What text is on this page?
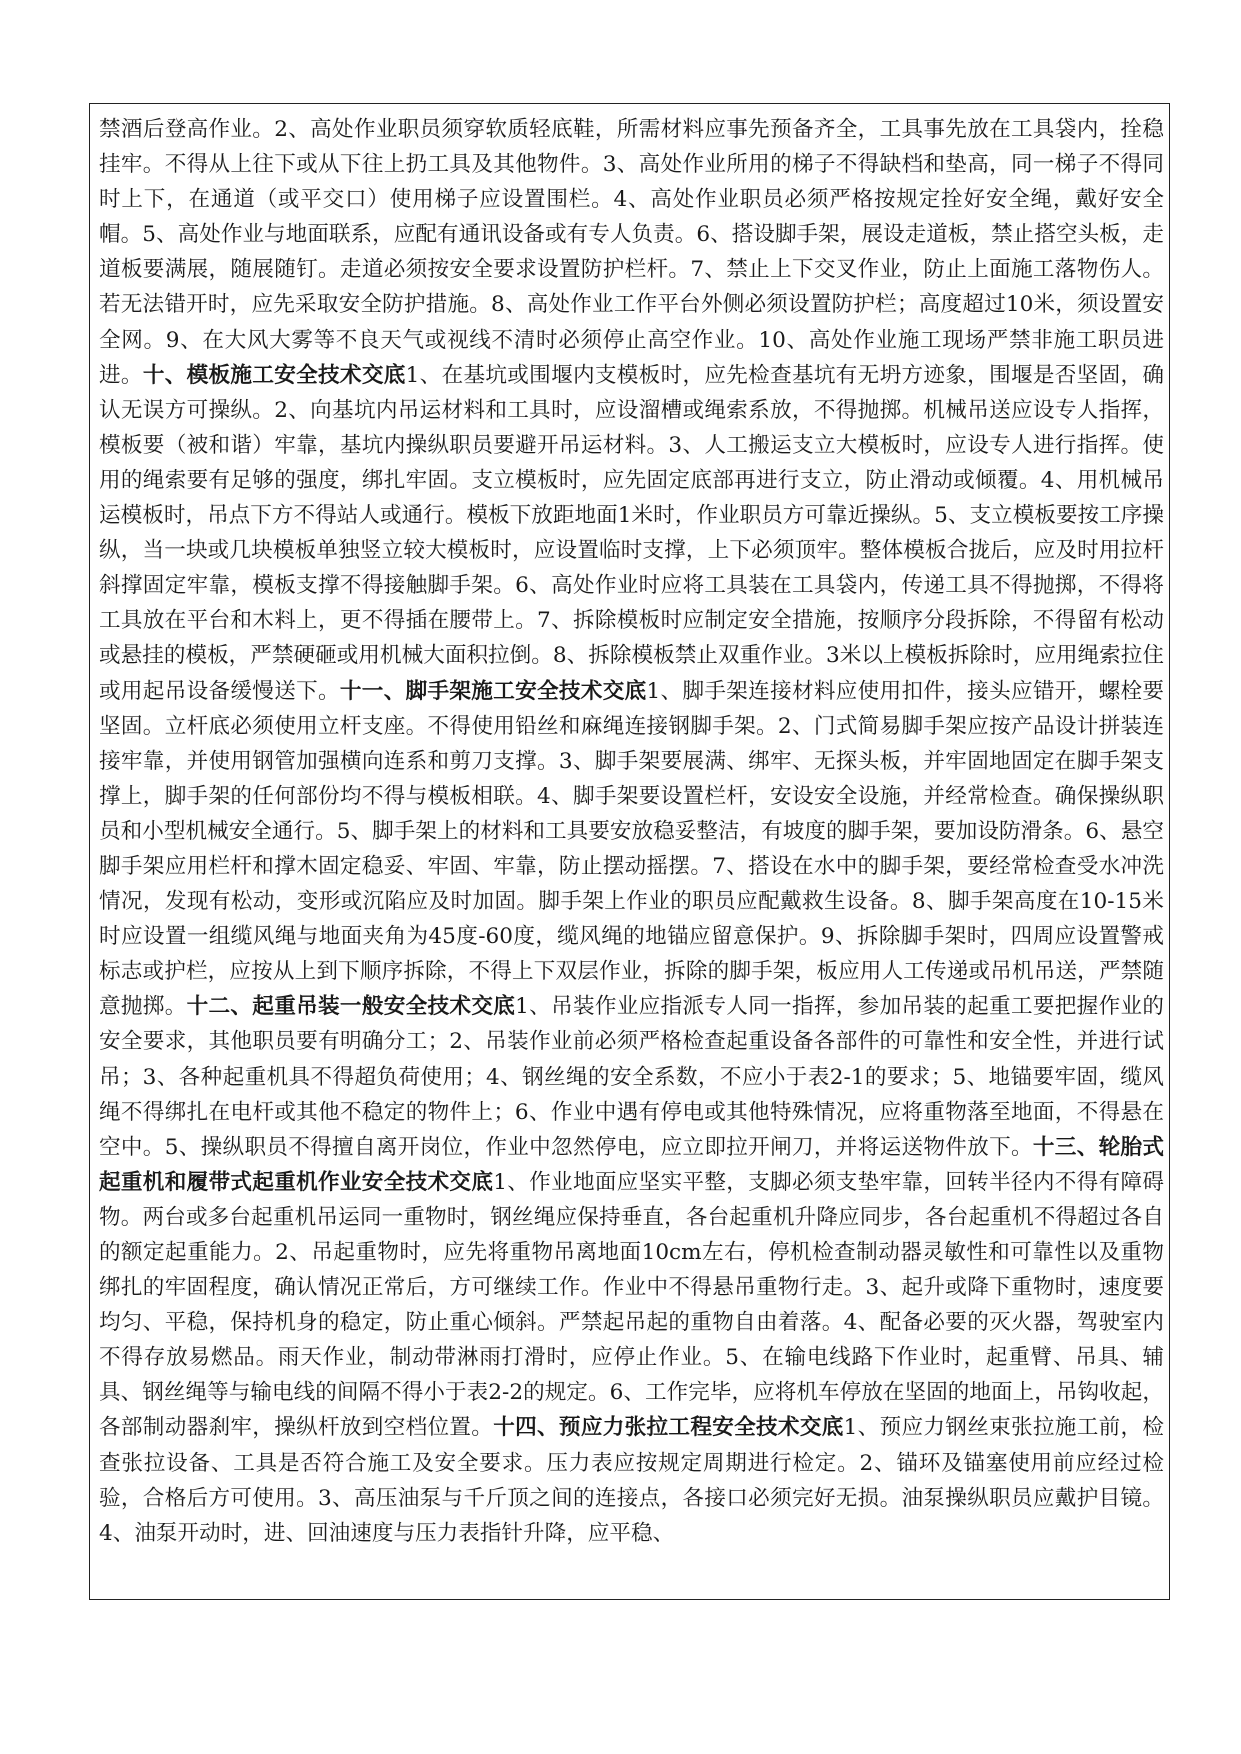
禁酒后登高作业。2、高处作业职员须穿软质轻底鞋，所需材料应事先预备齐全，工具事先放在工具袋内，拴稳挂牢。不得从上往下或从下往上扔工具及其他物件。3、高处作业所用的梯子不得缺档和垫高，同一梯子不得同时上下，在通道（或平交口）使用梯子应设置围栏。4、高处作业职员必须严格按规定拴好安全绳，戴好安全帽。5、高处作业与地面联系，应配有通讯设备或有专人负责。6、搭设脚手架，展设走道板，禁止搭空头板，走道板要满展，随展随钉。走道必须按安全要求设置防护栏杆。7、禁止上下交叉作业，防止上面施工落物伤人。若无法错开时，应先采取安全防护措施。8、高处作业工作平台外侧必须设置防护栏；高度超过10米，须设置安全网。9、在大风大雾等不良天气或视线不清时必须停止高空作业。10、高处作业施工现场严禁非施工职员进进。十、模板施工安全技术交底1、在基坑或围堰内支模板时，应先检查基坑有无坍方迹象，围堰是否坚固，确认无误方可操纵。2、向基坑内吊运材料和工具时，应设溜槽或绳索系放，不得抛掷。机械吊送应设专人指挥，模板要（被和谐）牢靠，基坑内操纵职员要避开吊运材料。3、人工搬运支立大模板时，应设专人进行指挥。使用的绳索要有足够的强度，绑扎牢固。支立模板时，应先固定底部再进行支立，防止滑动或倾覆。4、用机械吊运模板时，吊点下方不得站人或通行。模板下放距地面1米时，作业职员方可靠近操纵。5、支立模板要按工序操纵，当一块或几块模板单独竖立较大模板时，应设置临时支撑，上下必须顶牢。整体模板合拢后，应及时用拉杆斜撑固定牢靠，模板支撑不得接触脚手架。6、高处作业时应将工具装在工具袋内，传递工具不得抛掷，不得将工具放在平台和木料上，更不得插在腰带上。7、拆除模板时应制定安全措施，按顺序分段拆除，不得留有松动或悬挂的模板，严禁硬砸或用机械大面积拉倒。8、拆除模板禁止双重作业。3米以上模板拆除时，应用绳索拉住或用起吊设备缓慢送下。十一、脚手架施工安全技术交底1、脚手架连接材料应使用扣件，接头应错开，螺栓要坚固。立杆底必须使用立杆支座。不得使用铅丝和麻绳连接钢脚手架。2、门式简易脚手架应按产品设计拼装连接牢靠，并使用钢管加强横向连系和剪刀支撑。3、脚手架要展满、绑牢、无探头板，并牢固地固定在脚手架支撑上，脚手架的任何部份均不得与模板相联。4、脚手架要设置栏杆，安设安全设施，并经常检查。确保操纵职员和小型机械安全通行。5、脚手架上的材料和工具要安放稳妥整洁，有坡度的脚手架，要加设防滑条。6、悬空脚手架应用栏杆和撑木固定稳妥、牢固、牢靠，防止摆动摇摆。7、搭设在水中的脚手架，要经常检查受水冲洗情况，发现有松动，变形或沉陷应及时加固。脚手架上作业的职员应配戴救生设备。8、脚手架高度在10-15米时应设置一组缆风绳与地面夹角为45度-60度，缆风绳的地锚应留意保护。9、拆除脚手架时，四周应设置警戒标志或护栏，应按从上到下顺序拆除，不得上下双层作业，拆除的脚手架，板应用人工传递或吊机吊送，严禁随意抛掷。十二、起重吊装一般安全技术交底1、吊装作业应指派专人同一指挥，参加吊装的起重工要把握作业的安全要求，其他职员要有明确分工；2、吊装作业前必须严格检查起重设备各部件的可靠性和安全性，并进行试吊；3、各种起重机具不得超负荷使用；4、钢丝绳的安全系数，不应小于表2-1的要求；5、地锚要牢固，缆风绳不得绑扎在电杆或其他不稳定的物件上；6、作业中遇有停电或其他特殊情况，应将重物落至地面，不得悬在空中。5、操纵职员不得擅自离开岗位，作业中忽然停电，应立即拉开闸刀，并将运送物件放下。十三、轮胎式起重机和履带式起重机作业安全技术交底1、作业地面应坚实平整，支脚必须支垫牢靠，回转半径内不得有障碍物。两台或多台起重机吊运同一重物时，钢丝绳应保持垂直，各台起重机升降应同步，各台起重机不得超过各自的额定起重能力。2、吊起重物时，应先将重物吊离地面10cm左右，停机检查制动器灵敏性和可靠性以及重物绑扎的牢固程度，确认情况正常后，方可继续工作。作业中不得悬吊重物行走。3、起升或降下重物时，速度要均匀、平稳，保持机身的稳定，防止重心倾斜。严禁起吊起的重物自由着落。4、配备必要的灭火器，驾驶室内不得存放易燃品。雨天作业，制动带淋雨打滑时，应停止作业。5、在输电线路下作业时，起重臂、吊具、辅具、钢丝绳等与输电线的间隔不得小于表2-2的规定。6、工作完毕，应将机车停放在坚固的地面上，吊钩收起，各部制动器刹牢，操纵杆放到空档位置。十四、预应力张拉工程安全技术交底1、预应力钢丝束张拉施工前，检查张拉设备、工具是否符合施工及安全要求。压力表应按规定周期进行检定。2、锚环及锚塞使用前应经过检验，合格后方可使用。3、高压油泵与千斤顶之间的连接点，各接口必须完好无损。油泵操纵职员应戴护目镜。4、油泵开动时，进、回油速度与压力表指针升降，应平稳、
